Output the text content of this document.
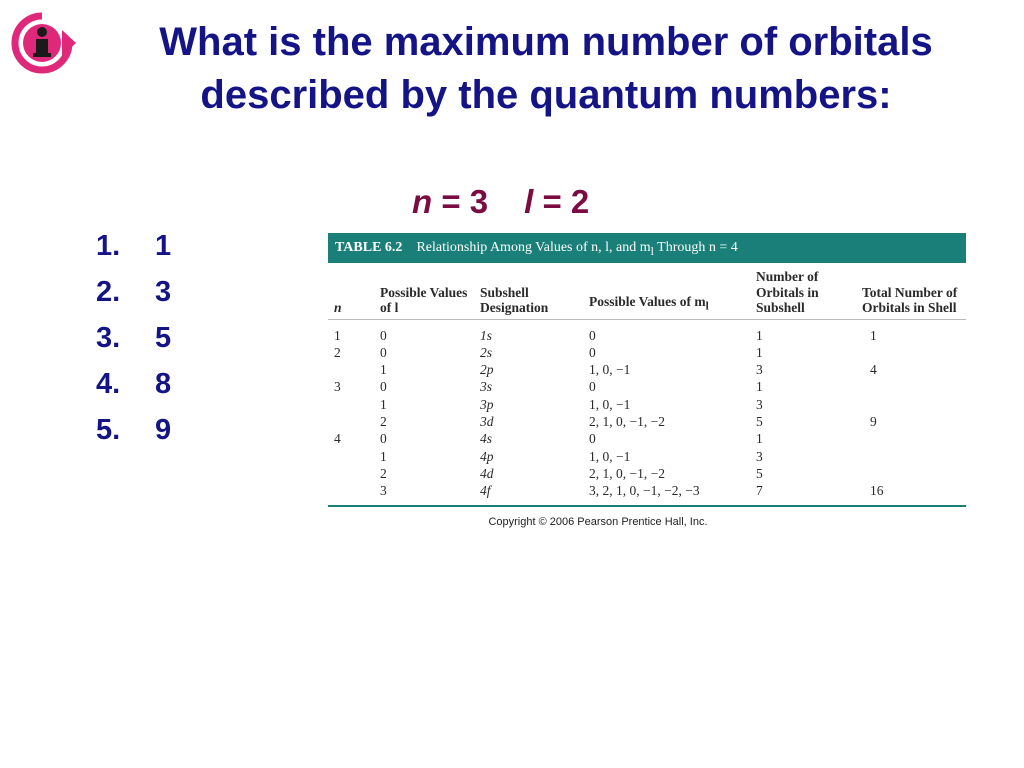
What is the maximum number of orbitals described by the quantum numbers:
n = 3 l = 2
1.	1
2.	3
3.	5
4.	8
5.	9
TABLE 6.2 Relationship Among Values of n, l, and $m_l$ Through n = 4
n	Possible Values of l	Subshell Designation	Possible Values of $m_l$	Number of Orbitals in Subshell	Total Number of Orbitals in Shell
1	0	1s	0	1	1
2	0	2s	0	1	
	1	2p	1, 0, −1	3	4
3	0	3s	0	1	
	1	3p	1, 0, −1	3	
	2	3d	2, 1, 0, −1, −2	5	9
4	0	4s	0	1	
	1	4p	1, 0, −1	3	
	2	4d	2, 1, 0, −1, −2	5	
	3	4f	3, 2, 1, 0, −1, −2, −3	7	16
Copyright © 2006 Pearson Prentice Hall, Inc.
